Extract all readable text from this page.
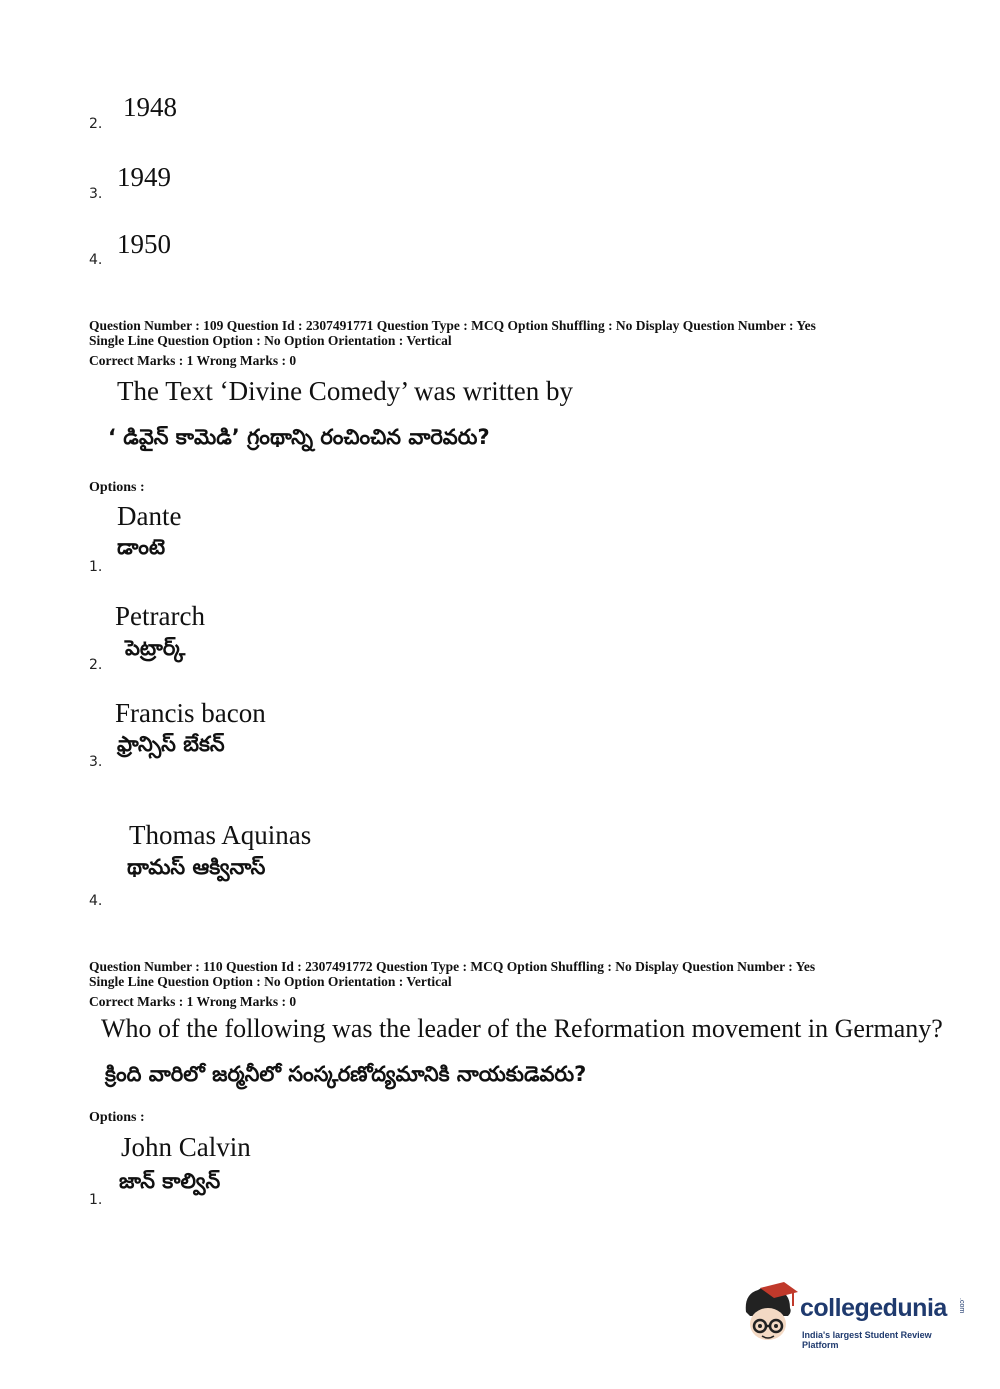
2.
1948
3.
1949
4.
1950
Question Number : 109 Question Id : 2307491771 Question Type : MCQ Option Shuffling : No Display Question Number : Yes
Single Line Question Option : No Option Orientation : Vertical
Correct Marks : 1 Wrong Marks : 0
The Text ‘Divine Comedy’ was written by
‘ డివైన్ కామెడి’ గ్రంథాన్ని రంచించిన వారెవరు?
Options :
Dante
డాంటె
1.
Petrarch
పెట్రార్క్
2.
Francis bacon
ఫ్రాన్సిస్ బేకన్
3.
Thomas Aquinas
థామస్ ఆక్వినాస్
4.
Question Number : 110 Question Id : 2307491772 Question Type : MCQ Option Shuffling : No Display Question Number : Yes
Single Line Question Option : No Option Orientation : Vertical
Correct Marks : 1 Wrong Marks : 0
Who of the following was the leader of the Reformation movement in Germany?
క్రింది వారిలో జర్మనీలో సంస్కరణోద్యమానికి నాయకుడెవరు?
Options :
John Calvin
జాన్ కాల్విన్
1.
collegedunia .com
India's largest Student Review Platform
